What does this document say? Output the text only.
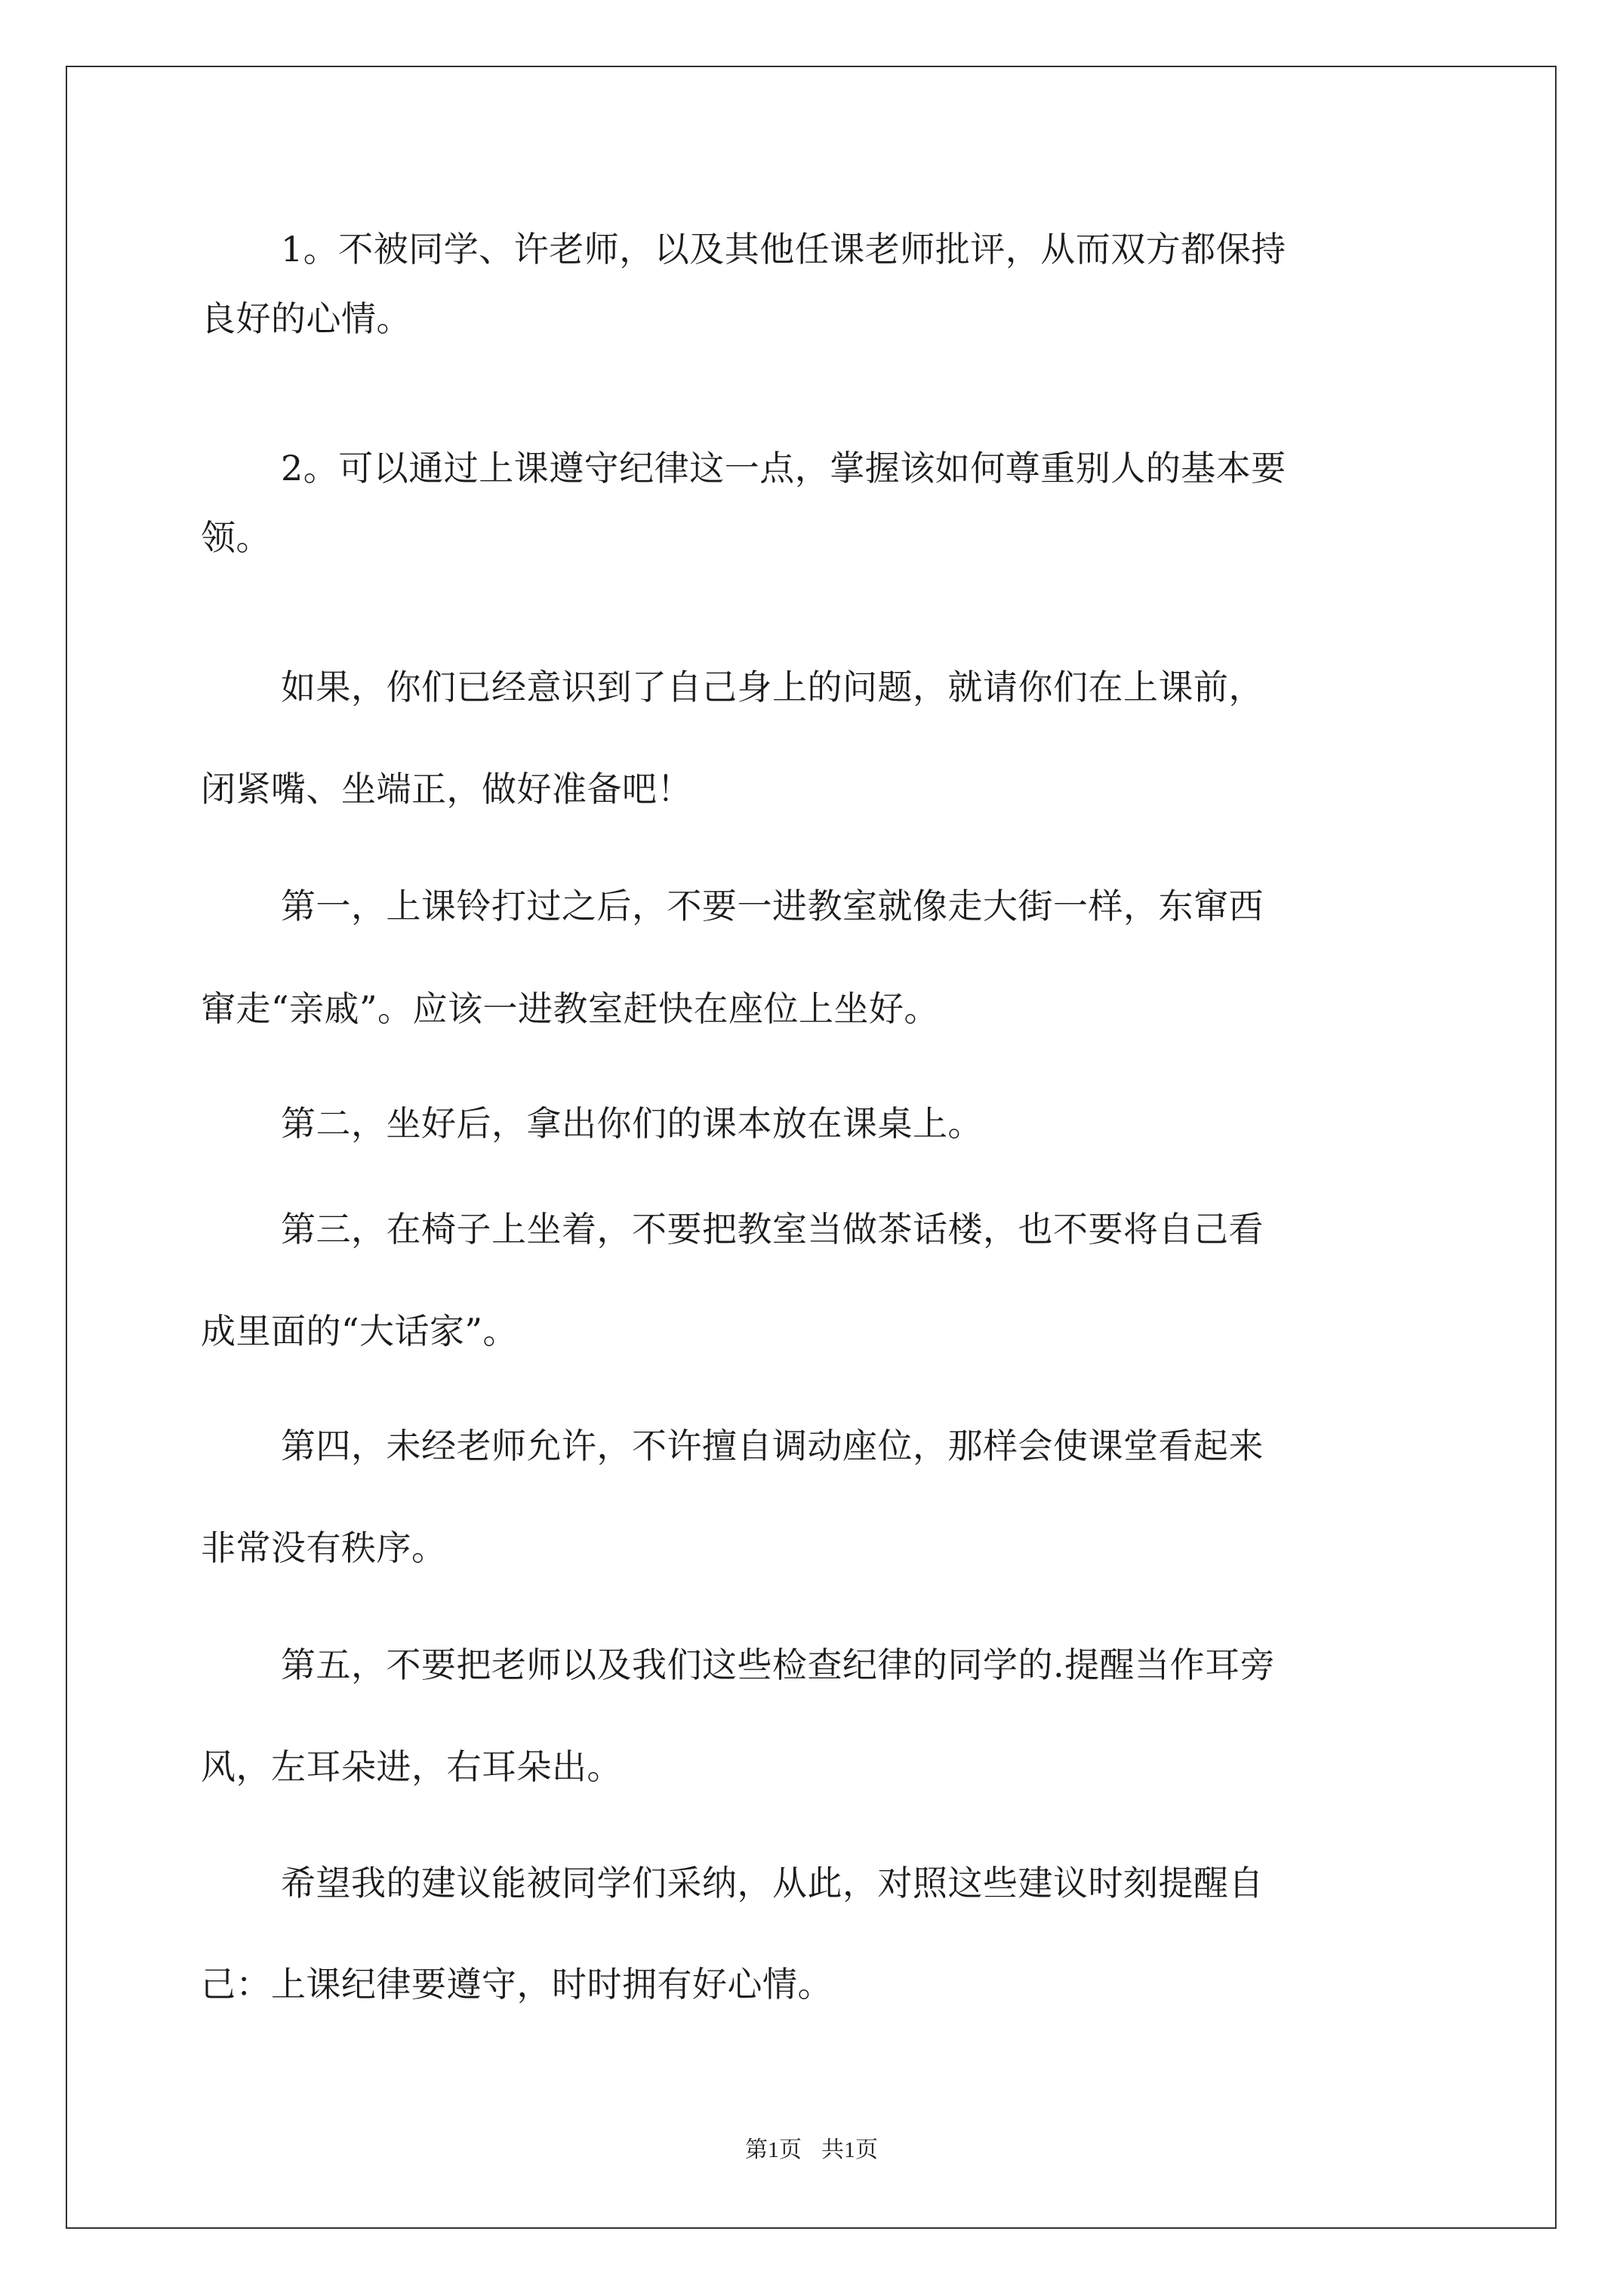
1。不被同学、许老师，以及其他任课老师批评，从而双方都保持
良好的心情。
2。可以通过上课遵守纪律这一点，掌握该如何尊重别人的基本要
领。
如果，你们已经意识到了自己身上的问题，就请你们在上课前，
闭紧嘴、坐端正，做好准备吧！
第一，上课铃打过之后，不要一进教室就像走大街一样，东窜西
窜走“亲戚”。应该一进教室赶快在座位上坐好。
第二，坐好后，拿出你们的课本放在课桌上。
第三，在椅子上坐着，不要把教室当做茶话楼，也不要将自己看
成里面的“大话家”。
第四，未经老师允许，不许擅自调动座位，那样会使课堂看起来
非常没有秩序。
第五，不要把老师以及我们这些检查纪律的同学的.提醒当作耳旁
风，左耳朵进，右耳朵出。
希望我的建议能被同学们采纳，从此，对照这些建议时刻提醒自
己：上课纪律要遵守，时时拥有好心情。
第1页 共1页
